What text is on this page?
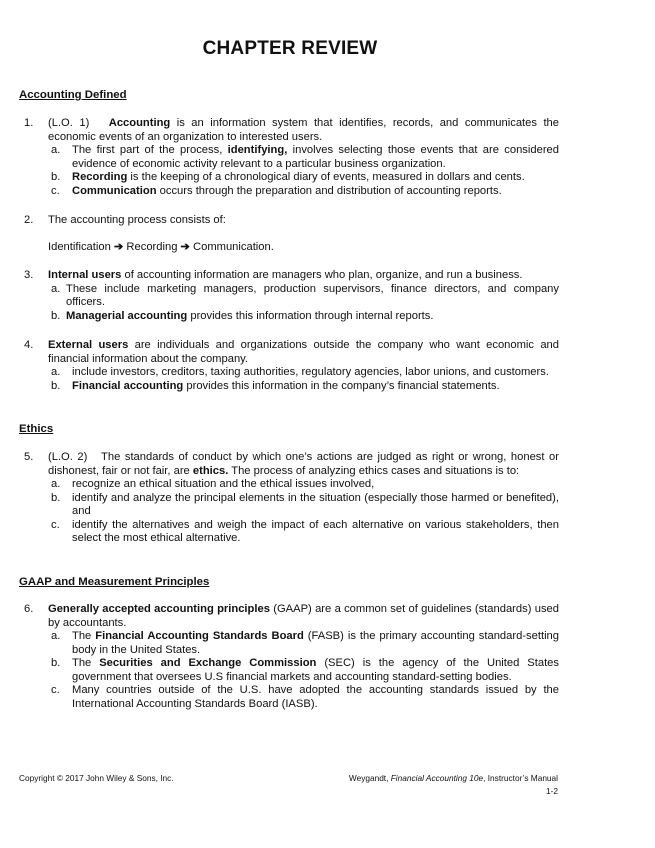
CHAPTER REVIEW
Accounting Defined
1. (L.O. 1) Accounting is an information system that identifies, records, and communicates the economic events of an organization to interested users.
a. The first part of the process, identifying, involves selecting those events that are considered evidence of economic activity relevant to a particular business organization.
b. Recording is the keeping of a chronological diary of events, measured in dollars and cents.
c. Communication occurs through the preparation and distribution of accounting reports.
2. The accounting process consists of:
Identification ➔ Recording ➔ Communication.
3. Internal users of accounting information are managers who plan, organize, and run a business.
a. These include marketing managers, production supervisors, finance directors, and company officers.
b. Managerial accounting provides this information through internal reports.
4. External users are individuals and organizations outside the company who want economic and financial information about the company.
a. include investors, creditors, taxing authorities, regulatory agencies, labor unions, and customers.
b. Financial accounting provides this information in the company’s financial statements.
Ethics
5. (L.O. 2) The standards of conduct by which one’s actions are judged as right or wrong, honest or dishonest, fair or not fair, are ethics. The process of analyzing ethics cases and situations is to:
a. recognize an ethical situation and the ethical issues involved,
b. identify and analyze the principal elements in the situation (especially those harmed or benefited), and
c. identify the alternatives and weigh the impact of each alternative on various stakeholders, then select the most ethical alternative.
GAAP and Measurement Principles
6. Generally accepted accounting principles (GAAP) are a common set of guidelines (standards) used by accountants.
a. The Financial Accounting Standards Board (FASB) is the primary accounting standard-setting body in the United States.
b. The Securities and Exchange Commission (SEC) is the agency of the United States government that oversees U.S financial markets and accounting standard-setting bodies.
c. Many countries outside of the U.S. have adopted the accounting standards issued by the International Accounting Standards Board (IASB).
Copyright © 2017 John Wiley & Sons, Inc.	Weygandt, Financial Accounting 10e, Instructor’s Manual
1-2
